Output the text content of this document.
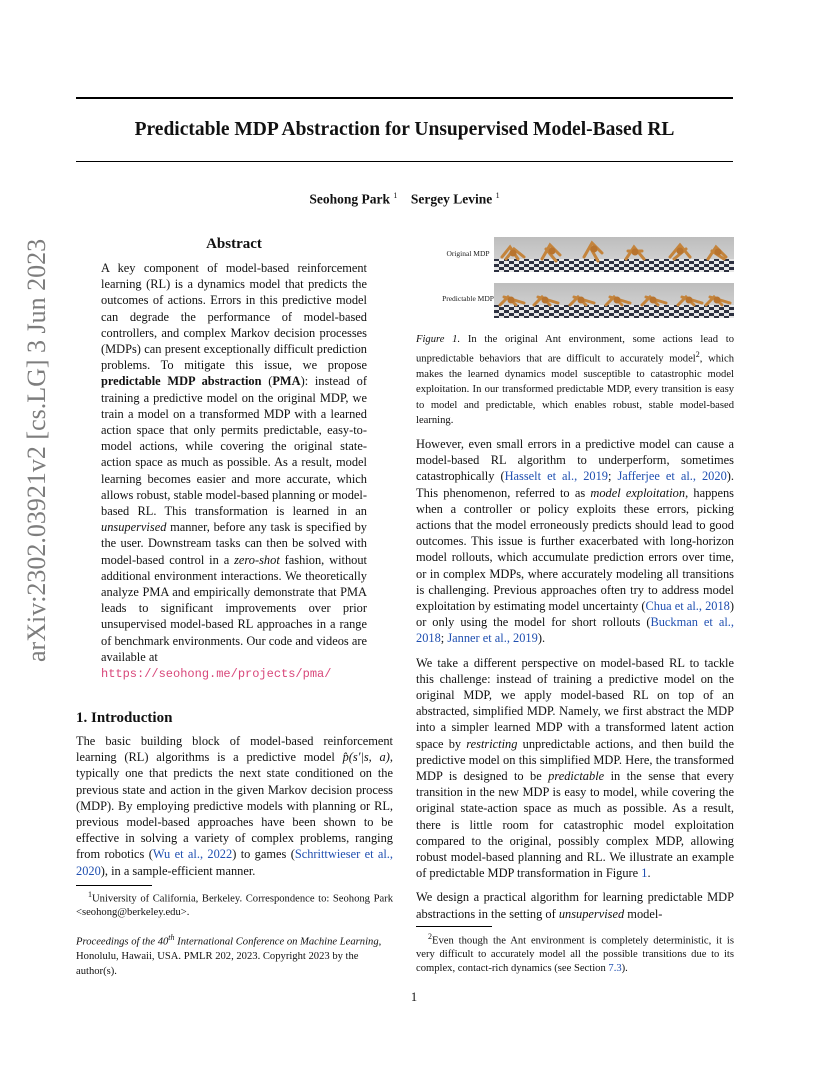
arXiv:2302.03921v2 [cs.LG] 3 Jun 2023
Predictable MDP Abstraction for Unsupervised Model-Based RL
Seohong Park $^1$ Sergey Levine $^1$
Abstract
A key component of model-based reinforcement learning (RL) is a dynamics model that predicts the outcomes of actions. Errors in this predictive model can degrade the performance of model-based controllers, and complex Markov decision processes (MDPs) can present exceptionally difficult prediction problems. To mitigate this issue, we propose predictable MDP abstraction (PMA): instead of training a predictive model on the original MDP, we train a model on a transformed MDP with a learned action space that only permits predictable, easy-to-model actions, while covering the original state-action space as much as possible. As a result, model learning becomes easier and more accurate, which allows robust, stable model-based planning or model-based RL. This transformation is learned in an unsupervised manner, before any task is specified by the user. Downstream tasks can then be solved with model-based control in a zero-shot fashion, without additional environment interactions. We theoretically analyze PMA and empirically demonstrate that PMA leads to significant improvements over prior unsupervised model-based RL approaches in a range of benchmark environments. Our code and videos are available at
https://seohong.me/projects/pma/
1. Introduction
The basic building block of model-based reinforcement learning (RL) algorithms is a predictive model p̂(s′|s, a), typically one that predicts the next state conditioned on the previous state and action in the given Markov decision process (MDP). By employing predictive models with planning or RL, previous model-based approaches have been shown to be effective in solving a variety of complex problems, ranging from robotics (Wu et al., 2022) to games (Schrittwieser et al., 2020), in a sample-efficient manner.
$^1$University of California, Berkeley. Correspondence to: Seohong Park <seohong@berkeley.edu>.
Proceedings of the 40th International Conference on Machine Learning, Honolulu, Hawaii, USA. PMLR 202, 2023. Copyright 2023 by the author(s).
Original MDP
Predictable MDP
Figure 1. In the original Ant environment, some actions lead to unpredictable behaviors that are difficult to accurately model$^2$, which makes the learned dynamics model susceptible to catastrophic model exploitation. In our transformed predictable MDP, every transition is easy to model and predictable, which enables robust, stable model-based learning.

However, even small errors in a predictive model can cause a model-based RL algorithm to underperform, sometimes catastrophically (Hasselt et al., 2019; Jafferjee et al., 2020). This phenomenon, referred to as model exploitation, happens when a controller or policy exploits these errors, picking actions that the model erroneously predicts should lead to good outcomes. This issue is further exacerbated with long-horizon model rollouts, which accumulate prediction errors over time, or in complex MDPs, where accurately modeling all transitions is challenging. Previous approaches often try to address model exploitation by estimating model uncertainty (Chua et al., 2018) or only using the model for short rollouts (Buckman et al., 2018; Janner et al., 2019).

We take a different perspective on model-based RL to tackle this challenge: instead of training a predictive model on the original MDP, we apply model-based RL on top of an abstracted, simplified MDP. Namely, we first abstract the MDP into a simpler learned MDP with a transformed latent action space by restricting unpredictable actions, and then build the predictive model on this simplified MDP. Here, the transformed MDP is designed to be predictable in the sense that every transition in the new MDP is easy to model, while covering the original state-action space as much as possible. As a result, there is little room for catastrophic model exploitation compared to the original, possibly complex MDP, allowing robust model-based planning and RL. We illustrate an example of predictable MDP transformation in Figure 1.

We design a practical algorithm for learning predictable MDP abstractions in the setting of unsupervised model-

$^2$Even though the Ant environment is completely deterministic, it is very difficult to accurately model all the possible transitions due to its complex, contact-rich dynamics (see Section 7.3).
1
